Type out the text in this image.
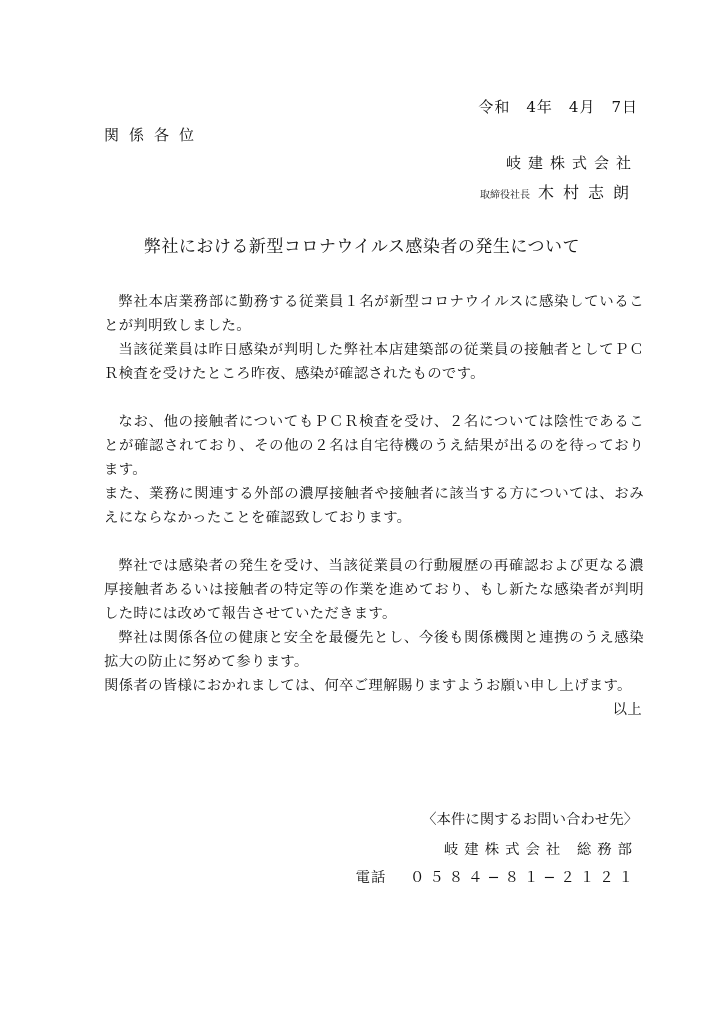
令和　4年　4月　7日
関係各位
岐建株式会社
取締役社長 木村志朗
弊社における新型コロナウイルス感染者の発生について

弊社本店業務部に勤務する従業員１名が新型コロナウイルスに感染していることが判明致しました。

当該従業員は昨日感染が判明した弊社本店建築部の従業員の接触者としてＰＣＲ検査を受けたところ昨夜、感染が確認されたものです。

なお、他の接触者についてもＰＣＲ検査を受け、２名については陰性であることが確認されており、その他の２名は自宅待機のうえ結果が出るのを待っております。

また、業務に関連する外部の濃厚接触者や接触者に該当する方については、おみえにならなかったことを確認致しております。

弊社では感染者の発生を受け、当該従業員の行動履歴の再確認および更なる濃厚接触者あるいは接触者の特定等の作業を進めており、もし新たな感染者が判明した時には改めて報告させていただきます。

弊社は関係各位の健康と安全を最優先とし、今後も関係機関と連携のうえ感染拡大の防止に努めて参ります。

関係者の皆様におかれましては、何卒ご理解賜りますようお願い申し上げます。

以上

〈本件に関するお問い合わせ先〉
岐建株式会社 総務部
電話 ０５８４−８１−２１２１
